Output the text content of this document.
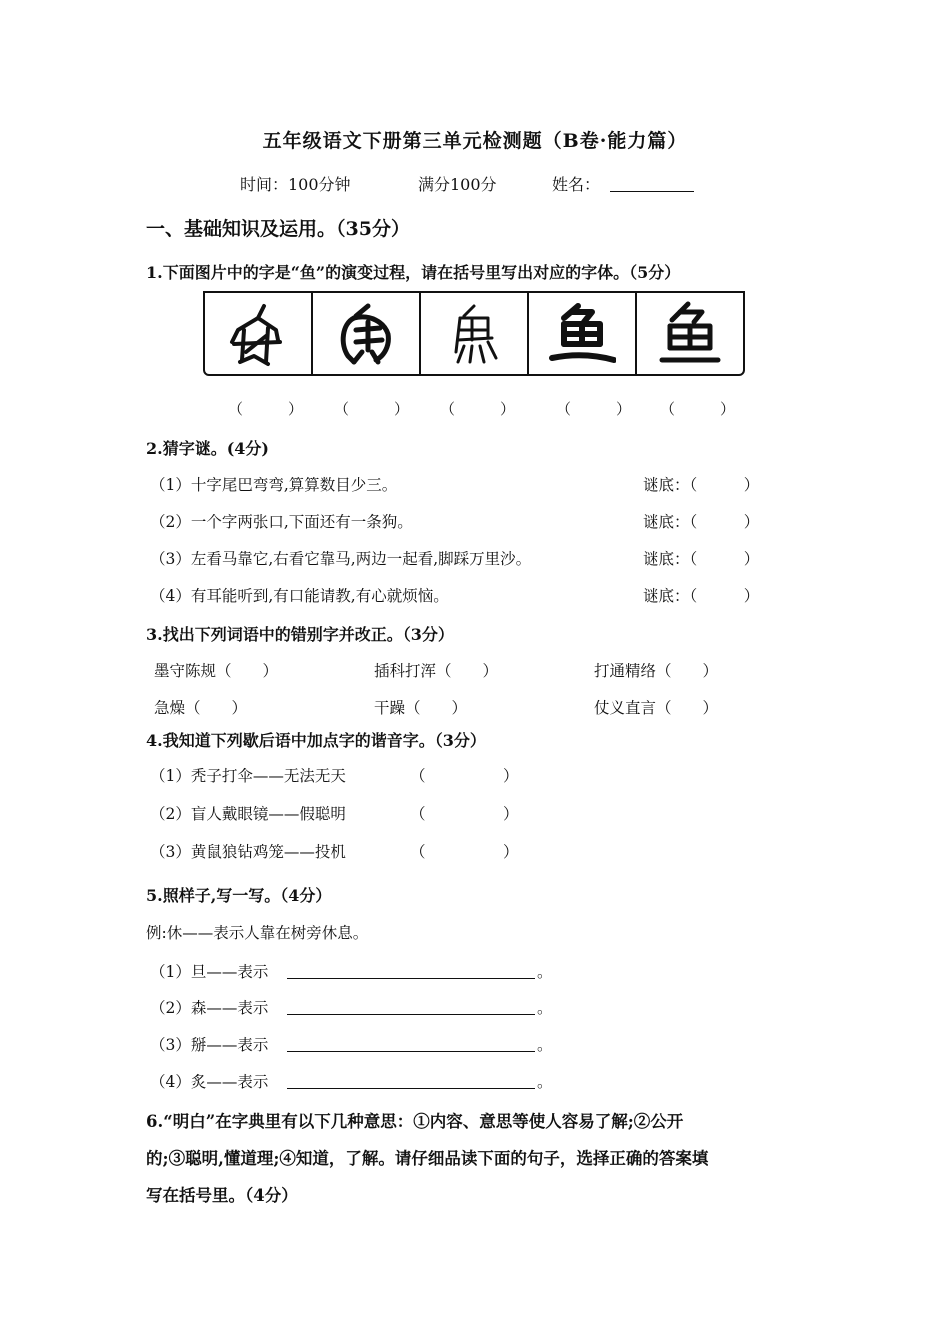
五年级语文下册第三单元检测题（B卷·能力篇）
时间：100分钟	满分100分	姓名：
一、基础知识及运用。（35分）
1.下面图片中的字是“鱼”的演变过程，请在括号里写出对应的字体。（5分）
（　　　） （　　　） （　　　）	（　　　） （　　　）
2.猜字谜。(4分)
（1）十字尾巴弯弯,算算数目少三。	谜底：（　　　）
（2）一个字两张口,下面还有一条狗。	谜底：（　　　）
（3）左看马靠它,右看它靠马,两边一起看,脚踩万里沙。	谜底：（　　　）
（4）有耳能听到,有口能请教,有心就烦恼。	谜底：（　　　）
3.找出下列词语中的错别字并改正。（3分）
墨守陈规（　　）	插科打浑（　　）	打通精络（　　）
急燥（　　）	干躁（　　）	仗义直言（　　）
4.我知道下列歇后语中加点字的谐音字。（3分）
（1）秃子打伞——无法无天	（　　　　　）
（2）盲人戴眼镜——假聪明	（　　　　　）
（3）黄鼠狼钻鸡笼——投机	（　　　　　）
5.照样子,写一写。（4分）
例:休——表示人靠在树旁休息。
（1）旦——表示	。
（2）森——表示	。
（3）掰——表示	。
（4）炙——表示	。
6.“明白”在字典里有以下几种意思：①内容、意思等使人容易了解;②公开
的;③聪明,懂道理;④知道，了解。请仔细品读下面的句子，选择正确的答案填
写在括号里。（4分）
